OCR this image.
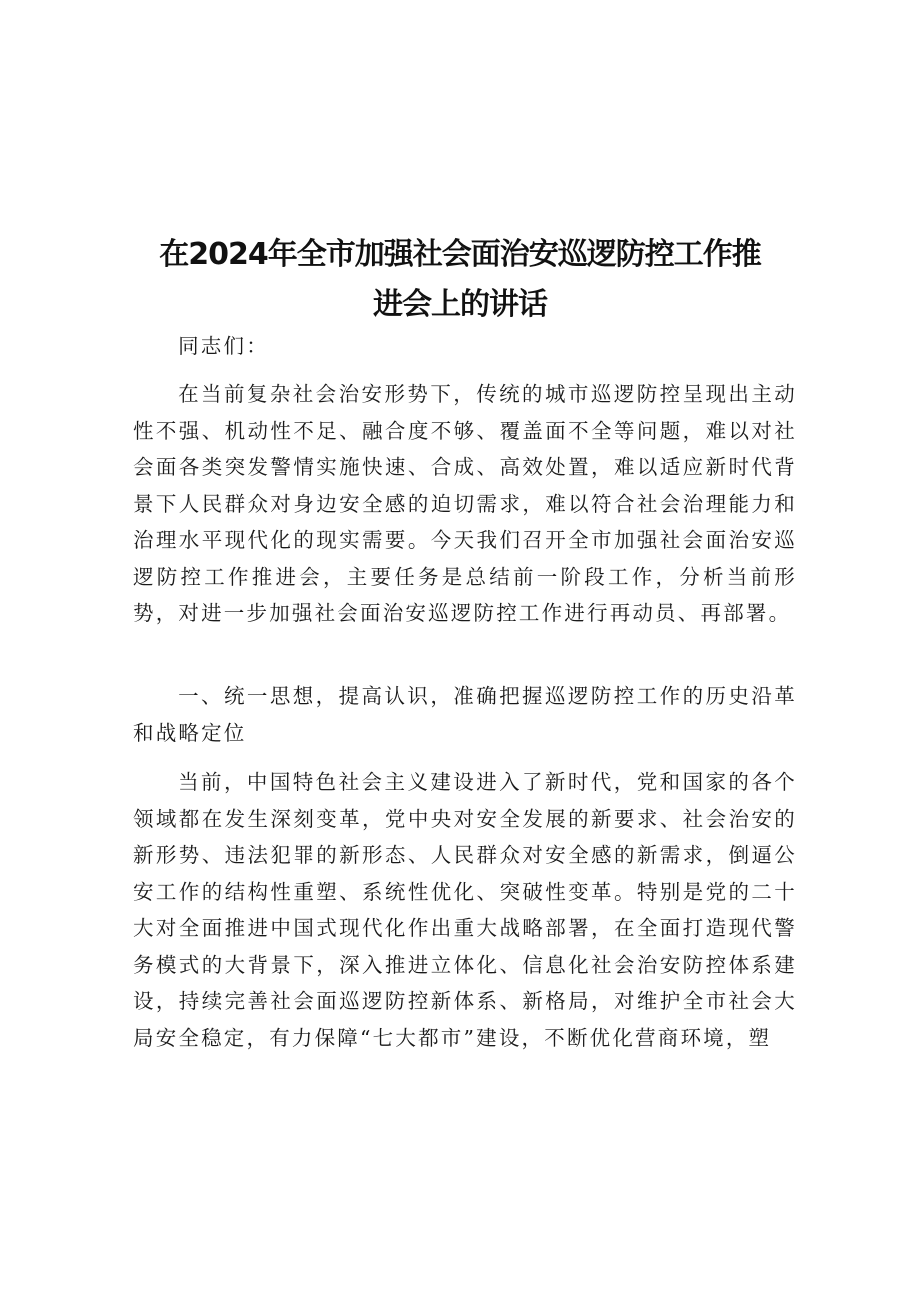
在2024年全市加强社会面治安巡逻防控工作推
进会上的讲话

同志们：

在当前复杂社会治安形势下，传统的城市巡逻防控呈现出主动性不强、机动性不足、融合度不够、覆盖面不全等问题，难以对社会面各类突发警情实施快速、合成、高效处置，难以适应新时代背景下人民群众对身边安全感的迫切需求，难以符合社会治理能力和治理水平现代化的现实需要。今天我们召开全市加强社会面治安巡逻防控工作推进会，主要任务是总结前一阶段工作，分析当前形势，对进一步加强社会面治安巡逻防控工作进行再动员、再部署。

一、统一思想，提高认识，准确把握巡逻防控工作的历史沿革和战略定位

当前，中国特色社会主义建设进入了新时代，党和国家的各个领域都在发生深刻变革，党中央对安全发展的新要求、社会治安的新形势、违法犯罪的新形态、人民群众对安全感的新需求，倒逼公安工作的结构性重塑、系统性优化、突破性变革。特别是党的二十大对全面推进中国式现代化作出重大战略部署，在全面打造现代警务模式的大背景下，深入推进立体化、信息化社会治安防控体系建设，持续完善社会面巡逻防控新体系、新格局，对维护全市社会大局安全稳定，有力保障“七大都市”建设，不断优化营商环境，塑
